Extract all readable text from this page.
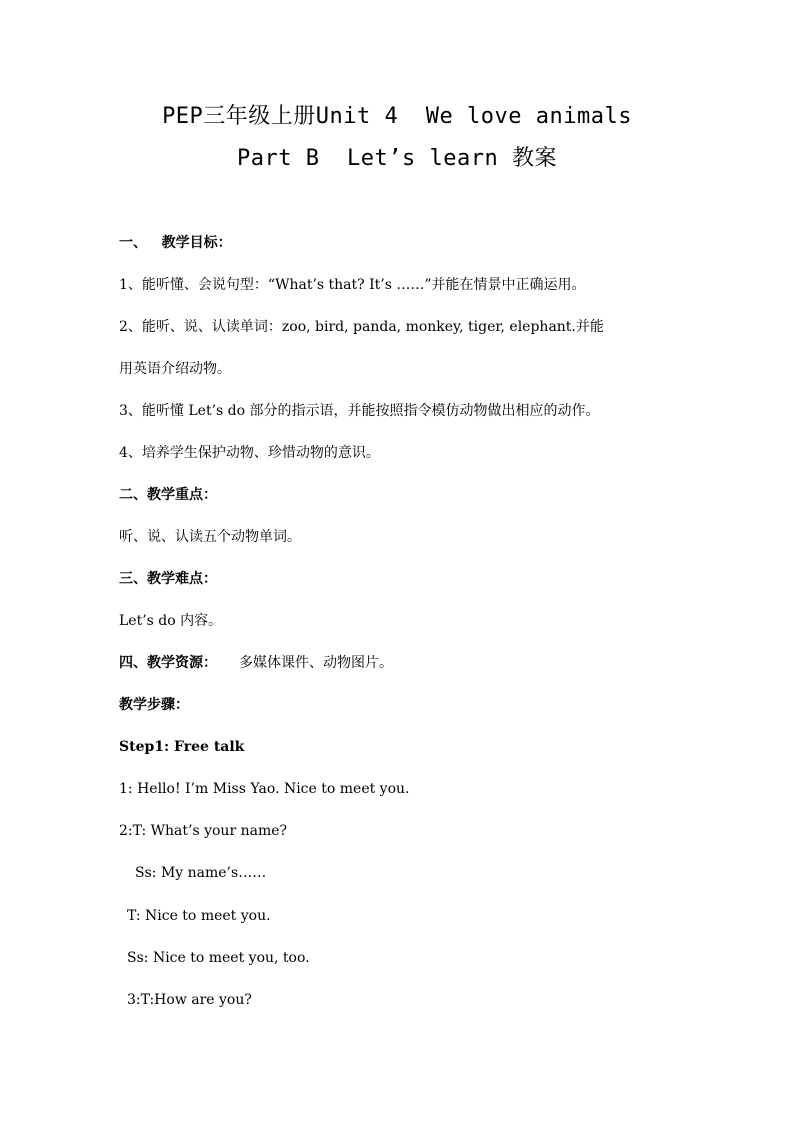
PEP三年级上册Unit 4  We love animals
Part B  Let’s learn 教案
一、   教学目标：
1、能听懂、会说句型：“What’s that? It’s ……”并能在情景中正确运用。
2、能听、说、认读单词：zoo, bird, panda, monkey, tiger, elephant.并能
用英语介绍动物。
3、能听懂 Let’s do 部分的指示语，并能按照指令模仿动物做出相应的动作。
4、培养学生保护动物、珍惜动物的意识。
二、教学重点：
听、说、认读五个动物单词。
三、教学难点：
Let’s do 内容。
四、教学资源： 多媒体课件、动物图片。
教学步骤：
Step1: Free talk
1: Hello! I’m Miss Yao. Nice to meet you.
2:T: What’s your name?
Ss: My name’s……
T: Nice to meet you.
Ss: Nice to meet you, too.
3:T:How are you?
